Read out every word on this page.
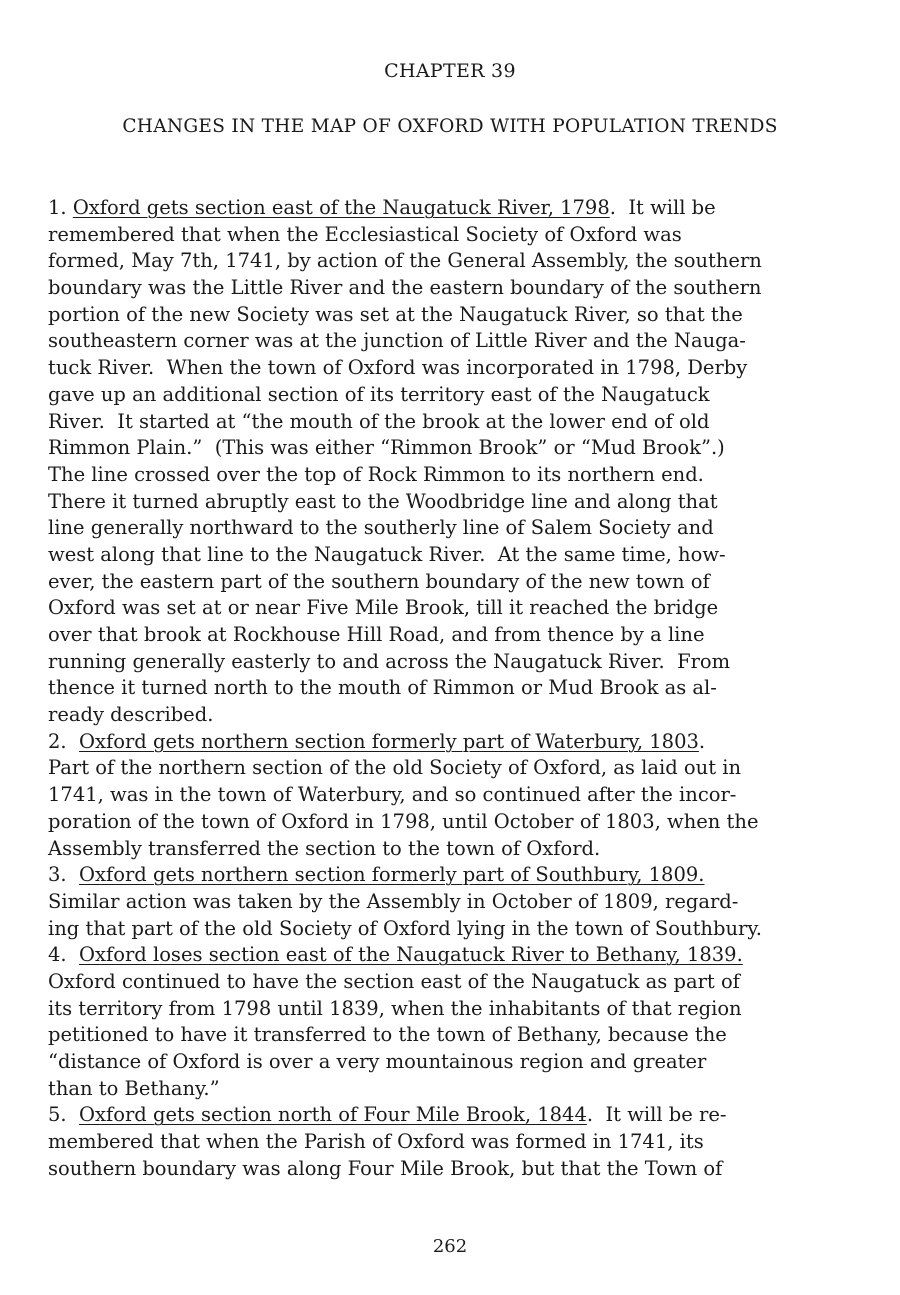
CHAPTER 39
CHANGES IN THE MAP OF OXFORD WITH POPULATION TRENDS
1. Oxford gets section east of the Naugatuck River, 1798.  It will be
remembered that when the Ecclesiastical Society of Oxford was
formed, May 7th, 1741, by action of the General Assembly, the southern
boundary was the Little River and the eastern boundary of the southern
portion of the new Society was set at the Naugatuck River, so that the
southeastern corner was at the junction of Little River and the Nauga-
tuck River.  When the town of Oxford was incorporated in 1798, Derby
gave up an additional section of its territory east of the Naugatuck
River.  It started at “the mouth of the brook at the lower end of old
Rimmon Plain.”  (This was either “Rimmon Brook” or “Mud Brook”.)
The line crossed over the top of Rock Rimmon to its northern end.
There it turned abruptly east to the Woodbridge line and along that
line generally northward to the southerly line of Salem Society and
west along that line to the Naugatuck River.  At the same time, how-
ever, the eastern part of the southern boundary of the new town of
Oxford was set at or near Five Mile Brook, till it reached the bridge
over that brook at Rockhouse Hill Road, and from thence by a line
running generally easterly to and across the Naugatuck River.  From
thence it turned north to the mouth of Rimmon or Mud Brook as al-
ready described.
2.  Oxford gets northern section formerly part of Waterbury, 1803.
Part of the northern section of the old Society of Oxford, as laid out in
1741, was in the town of Waterbury, and so continued after the incor-
poration of the town of Oxford in 1798, until October of 1803, when the
Assembly transferred the section to the town of Oxford.
3.  Oxford gets northern section formerly part of Southbury, 1809.
Similar action was taken by the Assembly in October of 1809, regard-
ing that part of the old Society of Oxford lying in the town of Southbury.
4.  Oxford loses section east of the Naugatuck River to Bethany, 1839.
Oxford continued to have the section east of the Naugatuck as part of
its territory from 1798 until 1839, when the inhabitants of that region
petitioned to have it transferred to the town of Bethany, because the
“distance of Oxford is over a very mountainous region and greater
than to Bethany.”
5.  Oxford gets section north of Four Mile Brook, 1844.  It will be re-
membered that when the Parish of Oxford was formed in 1741, its
southern boundary was along Four Mile Brook, but that the Town of
262
